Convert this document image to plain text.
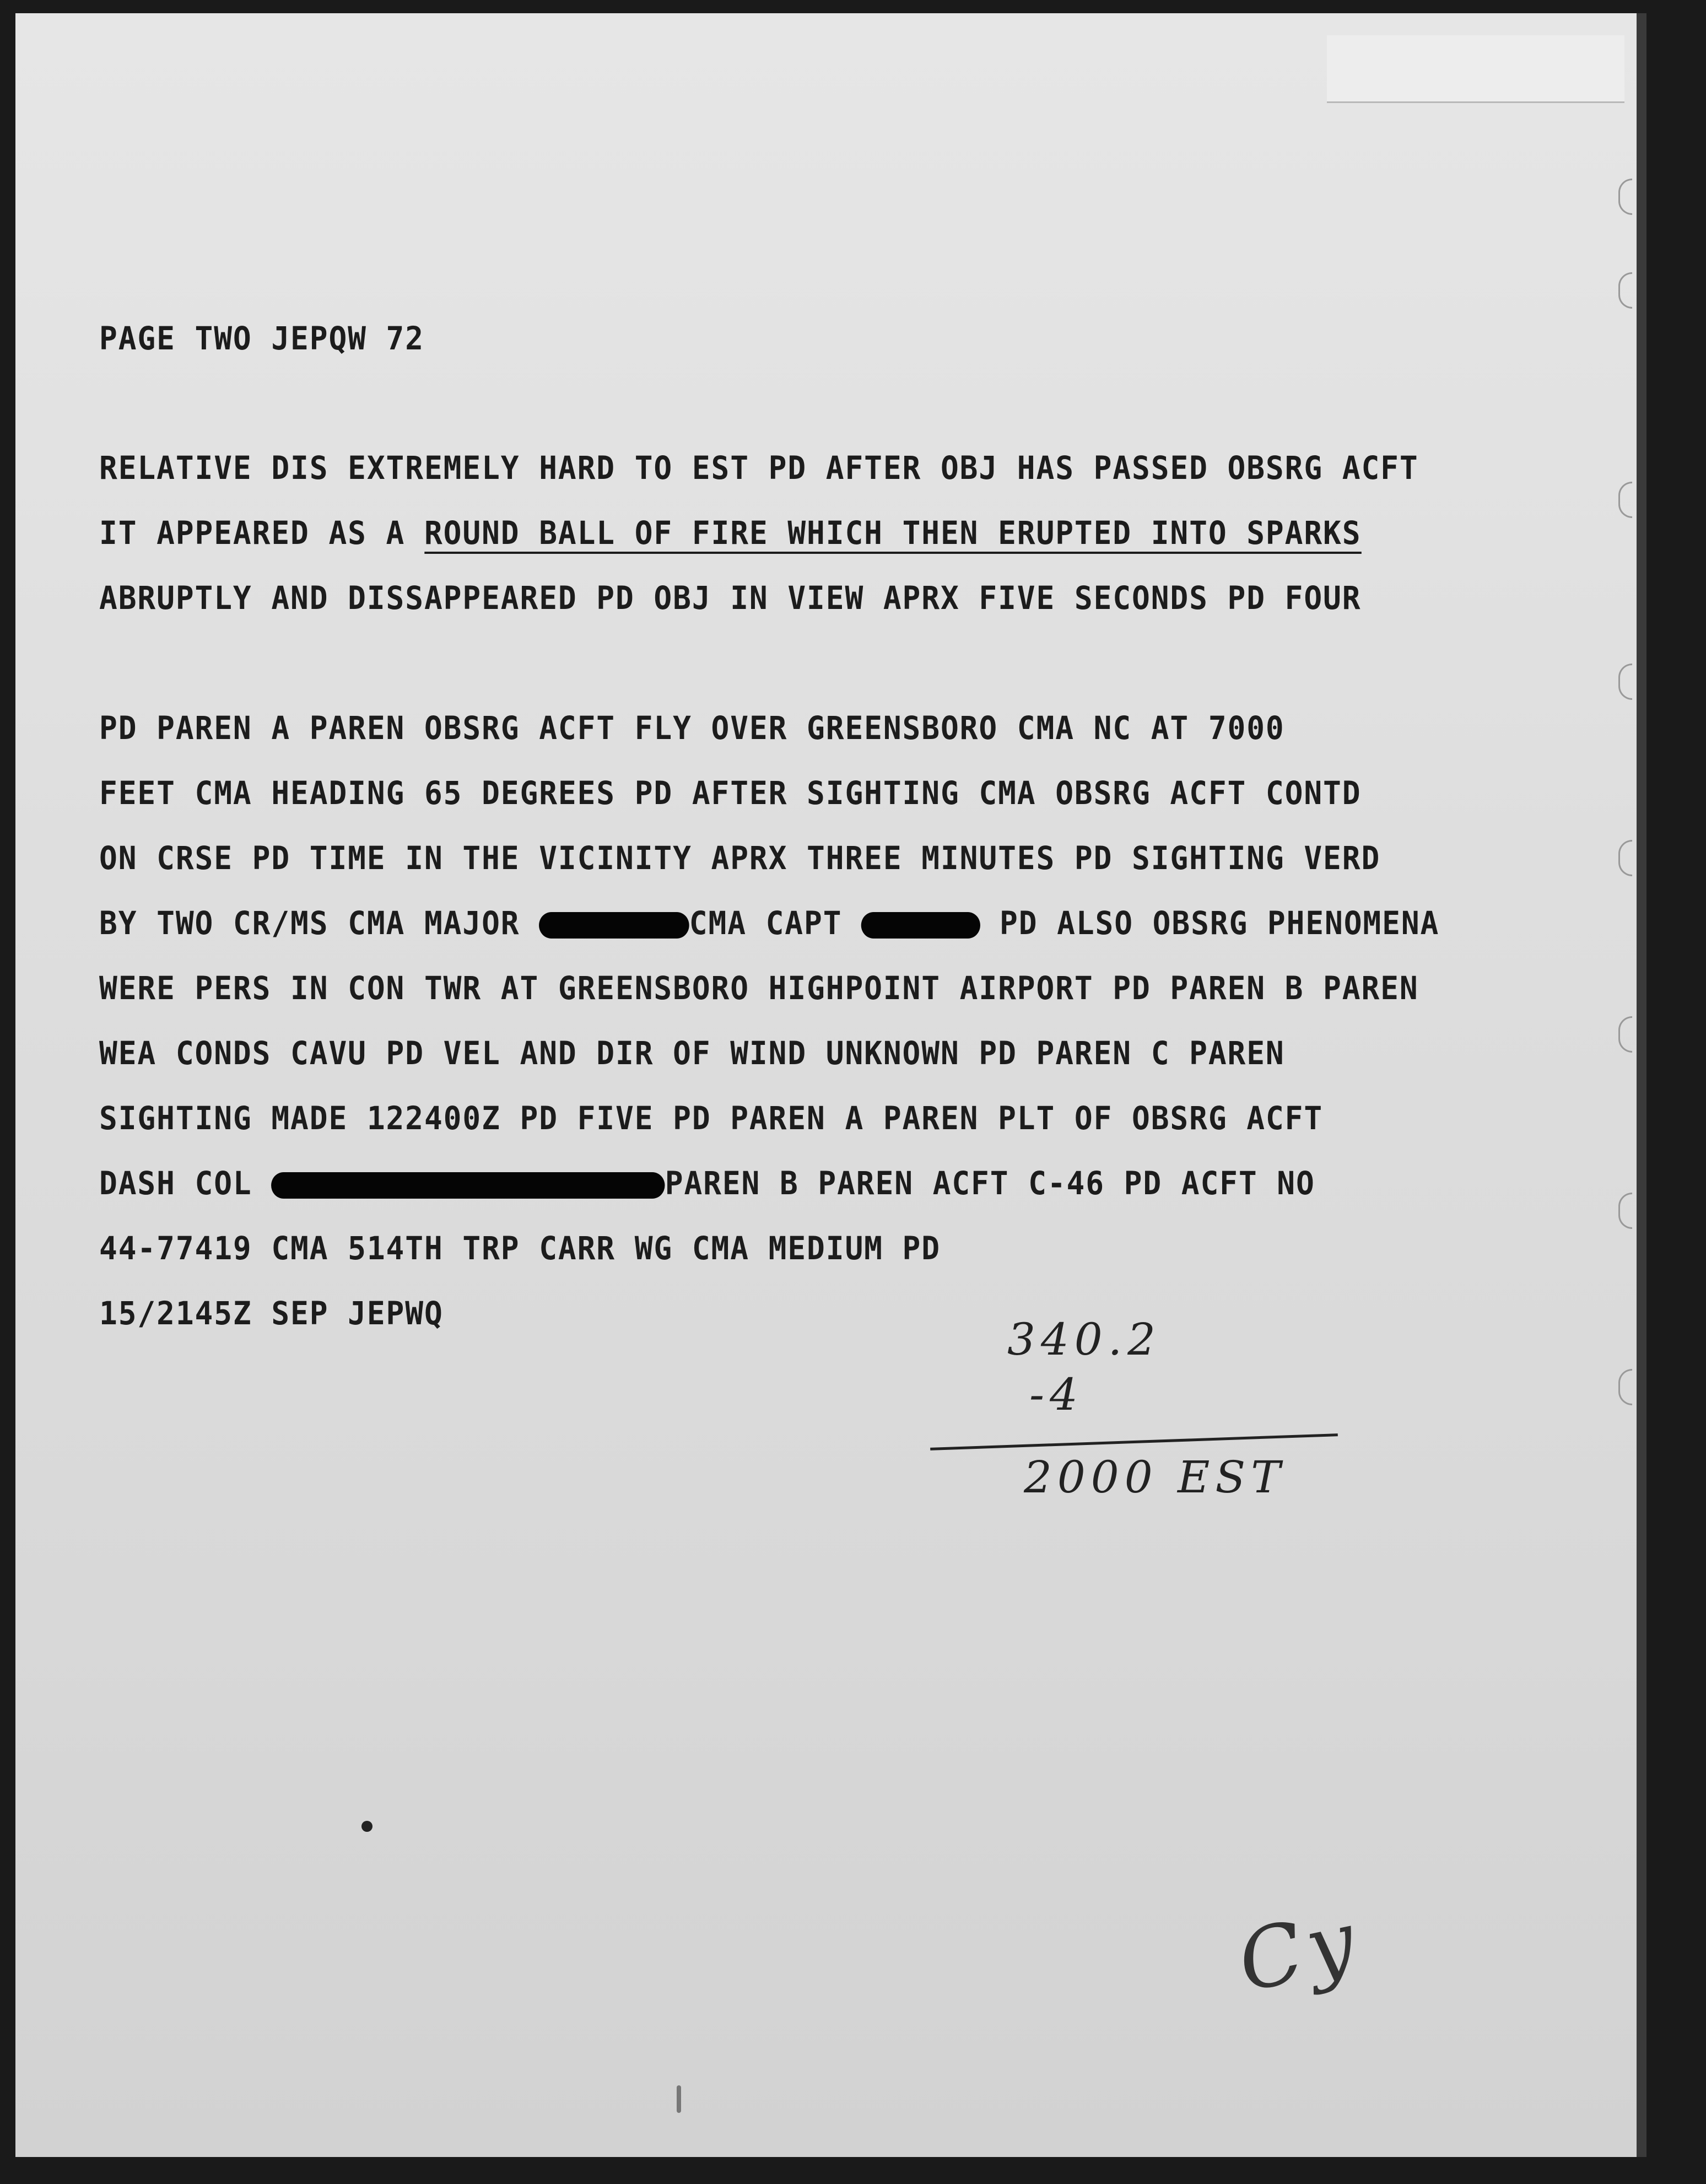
PAGE TWO JEPQW 72
RELATIVE DIS EXTREMELY HARD TO EST PD AFTER OBJ HAS PASSED OBSRG ACFT
IT APPEARED AS A ROUND BALL OF FIRE WHICH THEN ERUPTED INTO SPARKS
ABRUPTLY AND DISSAPPEARED PD OBJ IN VIEW APRX FIVE SECONDS PD FOUR
PD PAREN A PAREN OBSRG ACFT FLY OVER GREENSBORO CMA NC AT 7000
FEET CMA HEADING 65 DEGREES PD AFTER SIGHTING CMA OBSRG ACFT CONTD
ON CRSE PD TIME IN THE VICINITY APRX THREE MINUTES PD SIGHTING VERD
BY TWO CR/MS CMA MAJOR	CMA CAPT	PD ALSO OBSRG PHENOMENA
WERE PERS IN CON TWR AT GREENSBORO HIGHPOINT AIRPORT PD PAREN B PAREN
WEA CONDS CAVU PD VEL AND DIR OF WIND UNKNOWN PD PAREN C PAREN
SIGHTING MADE 122400Z PD FIVE PD PAREN A PAREN PLT OF OBSRG ACFT
DASH COL	PAREN B PAREN ACFT C-46 PD ACFT NO
44-77419 CMA 514TH TRP CARR WG CMA MEDIUM PD
15/2145Z SEP JEPWQ
340.2
-4
2000 EST
Cy
